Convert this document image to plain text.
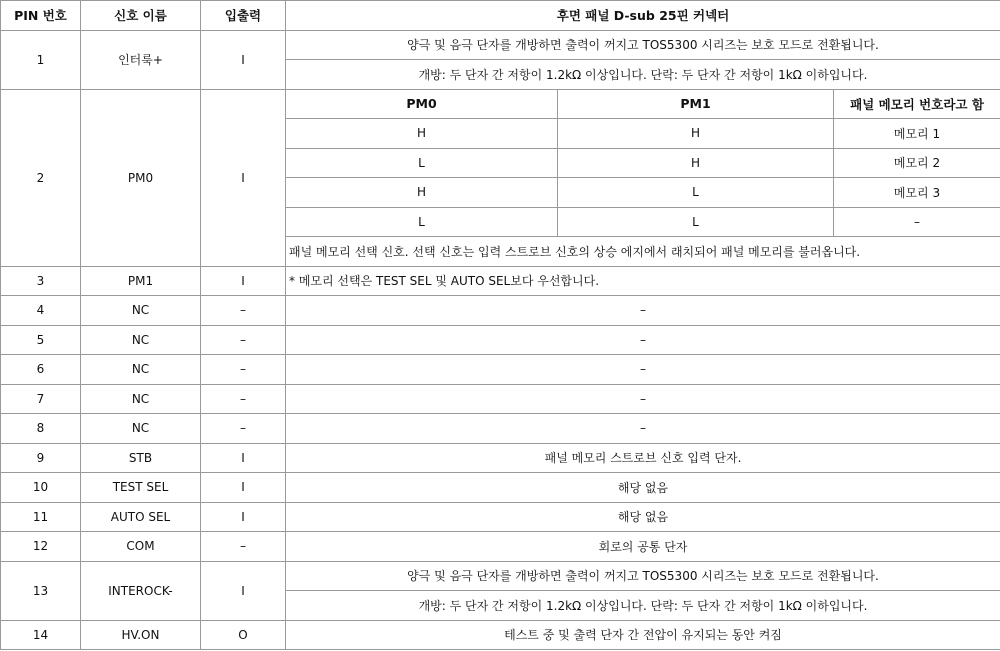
PIN 번호	신호 이름	입출력	후면 패널 D-sub 25핀 커넥터		
1	인터룩+	I	양극 및 음극 단자를 개방하면 출력이 꺼지고 TOS5300 시리즈는 보호 모드로 전환됩니다.		
			개방: 두 단자 간 저항이 1.2kΩ 이상입니다. 단락: 두 단자 간 저항이 1kΩ 이하입니다.		
2	PM0	I	PM0	PM1	패널 메모리 번호라고 함
			H	H	메모리 1
			L	H	메모리 2
			H	L	메모리 3
			L	L	–
			패널 메모리 선택 신호. 선택 신호는 입력 스트로브 신호의 상승 에지에서 래치되어 패널 메모리를 불러옵니다.		
3	PM1	I	* 메모리 선택은 TEST SEL 및 AUTO SEL보다 우선합니다.		
4	NC	–	–		
5	NC	–	–		
6	NC	–	–		
7	NC	–	–		
8	NC	–	–		
9	STB	I	패널 메모리 스트로브 신호 입력 단자.		
10	TEST SEL	I	해당 없음		
11	AUTO SEL	I	해당 없음		
12	COM	–	회로의 공통 단자		
13	INTEROCK-	I	양극 및 음극 단자를 개방하면 출력이 꺼지고 TOS5300 시리즈는 보호 모드로 전환됩니다.		
			개방: 두 단자 간 저항이 1.2kΩ 이상입니다. 단락: 두 단자 간 저항이 1kΩ 이하입니다.		
14	HV.ON	O	테스트 중 및 출력 단자 간 전압이 유지되는 동안 켜짐		
